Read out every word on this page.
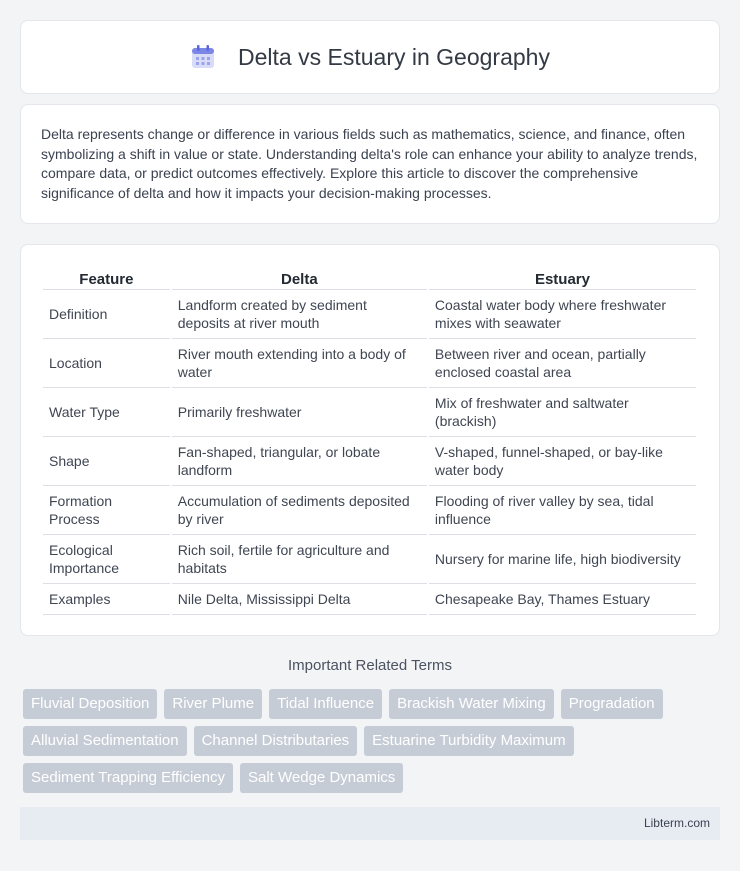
Delta vs Estuary in Geography

Delta represents change or difference in various fields such as mathematics, science, and finance, often symbolizing a shift in value or state. Understanding delta's role can enhance your ability to analyze trends, compare data, or predict outcomes effectively. Explore this article to discover the comprehensive significance of delta and how it impacts your decision-making processes.

Feature	Delta	Estuary
Definition	Landform created by sediment deposits at river mouth	Coastal water body where freshwater mixes with seawater
Location	River mouth extending into a body of water	Between river and ocean, partially enclosed coastal area
Water Type	Primarily freshwater	Mix of freshwater and saltwater (brackish)
Shape	Fan-shaped, triangular, or lobate landform	V-shaped, funnel-shaped, or bay-like water body
Formation Process	Accumulation of sediments deposited by river	Flooding of river valley by sea, tidal influence
Ecological Importance	Rich soil, fertile for agriculture and habitats	Nursery for marine life, high biodiversity
Examples	Nile Delta, Mississippi Delta	Chesapeake Bay, Thames Estuary
Important Related Terms
Fluvial Deposition	River Plume	Tidal Influence	Brackish Water Mixing	Progradation
Alluvial Sedimentation	Channel Distributaries	Estuarine Turbidity Maximum
Sediment Trapping Efficiency	Salt Wedge Dynamics
Libterm.com
